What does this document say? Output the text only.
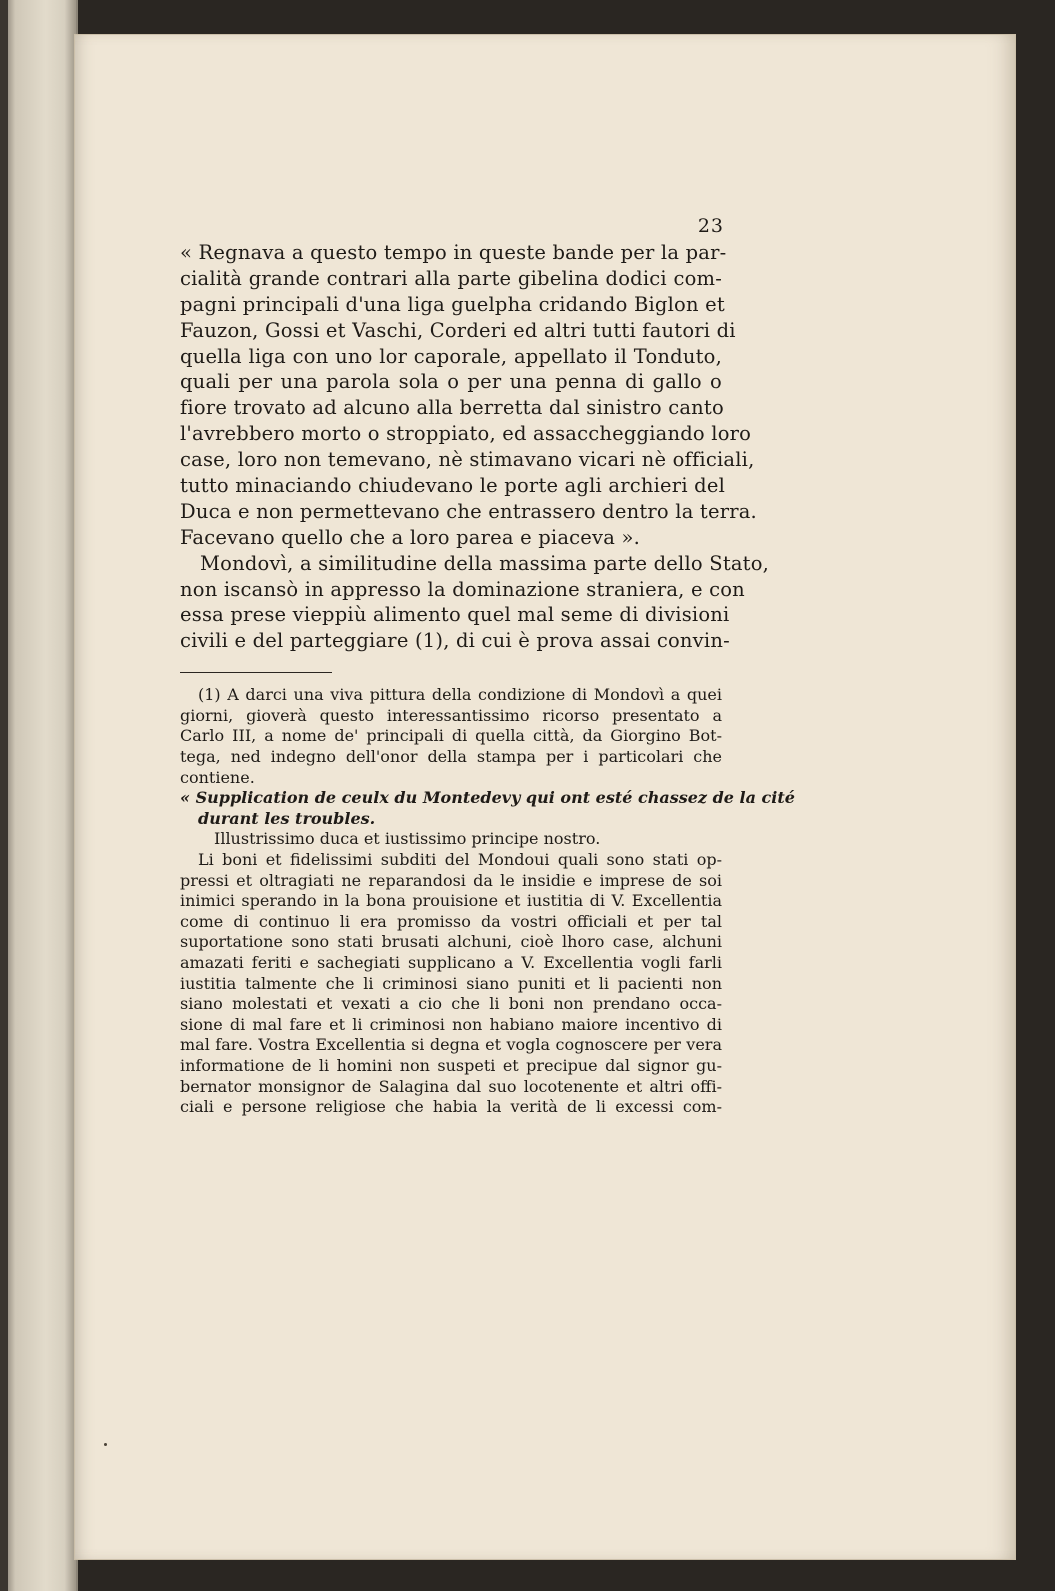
23
« Regnava a questo tempo in queste bande per la par-
cialità grande contrari alla parte gibelina dodici com-
pagni principali d'una liga guelpha cridando Biglon et
Fauzon, Gossi et Vaschi, Corderi ed altri tutti fautori di
quella liga con uno lor caporale, appellato il Tonduto,
quali per una parola sola o per una penna di gallo o
fiore trovato ad alcuno alla berretta dal sinistro canto
l'avrebbero morto o stroppiato, ed assaccheggiando loro
case, loro non temevano, nè stimavano vicari nè officiali,
tutto minaciando chiudevano le porte agli archieri del
Duca e non permettevano che entrassero dentro la terra.
Facevano quello che a loro parea e piaceva ».
Mondovì, a similitudine della massima parte dello Stato,
non iscansò in appresso la dominazione straniera, e con
essa prese vieppiù alimento quel mal seme di divisioni
civili e del parteggiare (1), di cui è prova assai convin-
(1) A darci una viva pittura della condizione di Mondovì a quei
giorni, gioverà questo interessantissimo ricorso presentato a
Carlo III, a nome de' principali di quella città, da Giorgino Bot-
tega, ned indegno dell'onor della stampa per i particolari che
contiene.
« Supplication de ceulx du Montedevy qui ont esté chassez de la cité
durant les troubles.
Illustrissimo duca et iustissimo principe nostro.
Li boni et fidelissimi subditi del Mondoui quali sono stati op-
pressi et oltragiati ne reparandosi da le insidie e imprese de soi
inimici sperando in la bona prouisione et iustitia di V. Excellentia
come di continuo li era promisso da vostri officiali et per tal
suportatione sono stati brusati alchuni, cioè lhoro case, alchuni
amazati feriti e sachegiati supplicano a V. Excellentia vogli farli
iustitia talmente che li criminosi siano puniti et li pacienti non
siano molestati et vexati a cio che li boni non prendano occa-
sione di mal fare et li criminosi non habiano maiore incentivo di
mal fare. Vostra Excellentia si degna et vogla cognoscere per vera
informatione de li homini non suspeti et precipue dal signor gu-
bernator monsignor de Salagina dal suo locotenente et altri offi-
ciali e persone religiose che habia la verità de li excessi com-
